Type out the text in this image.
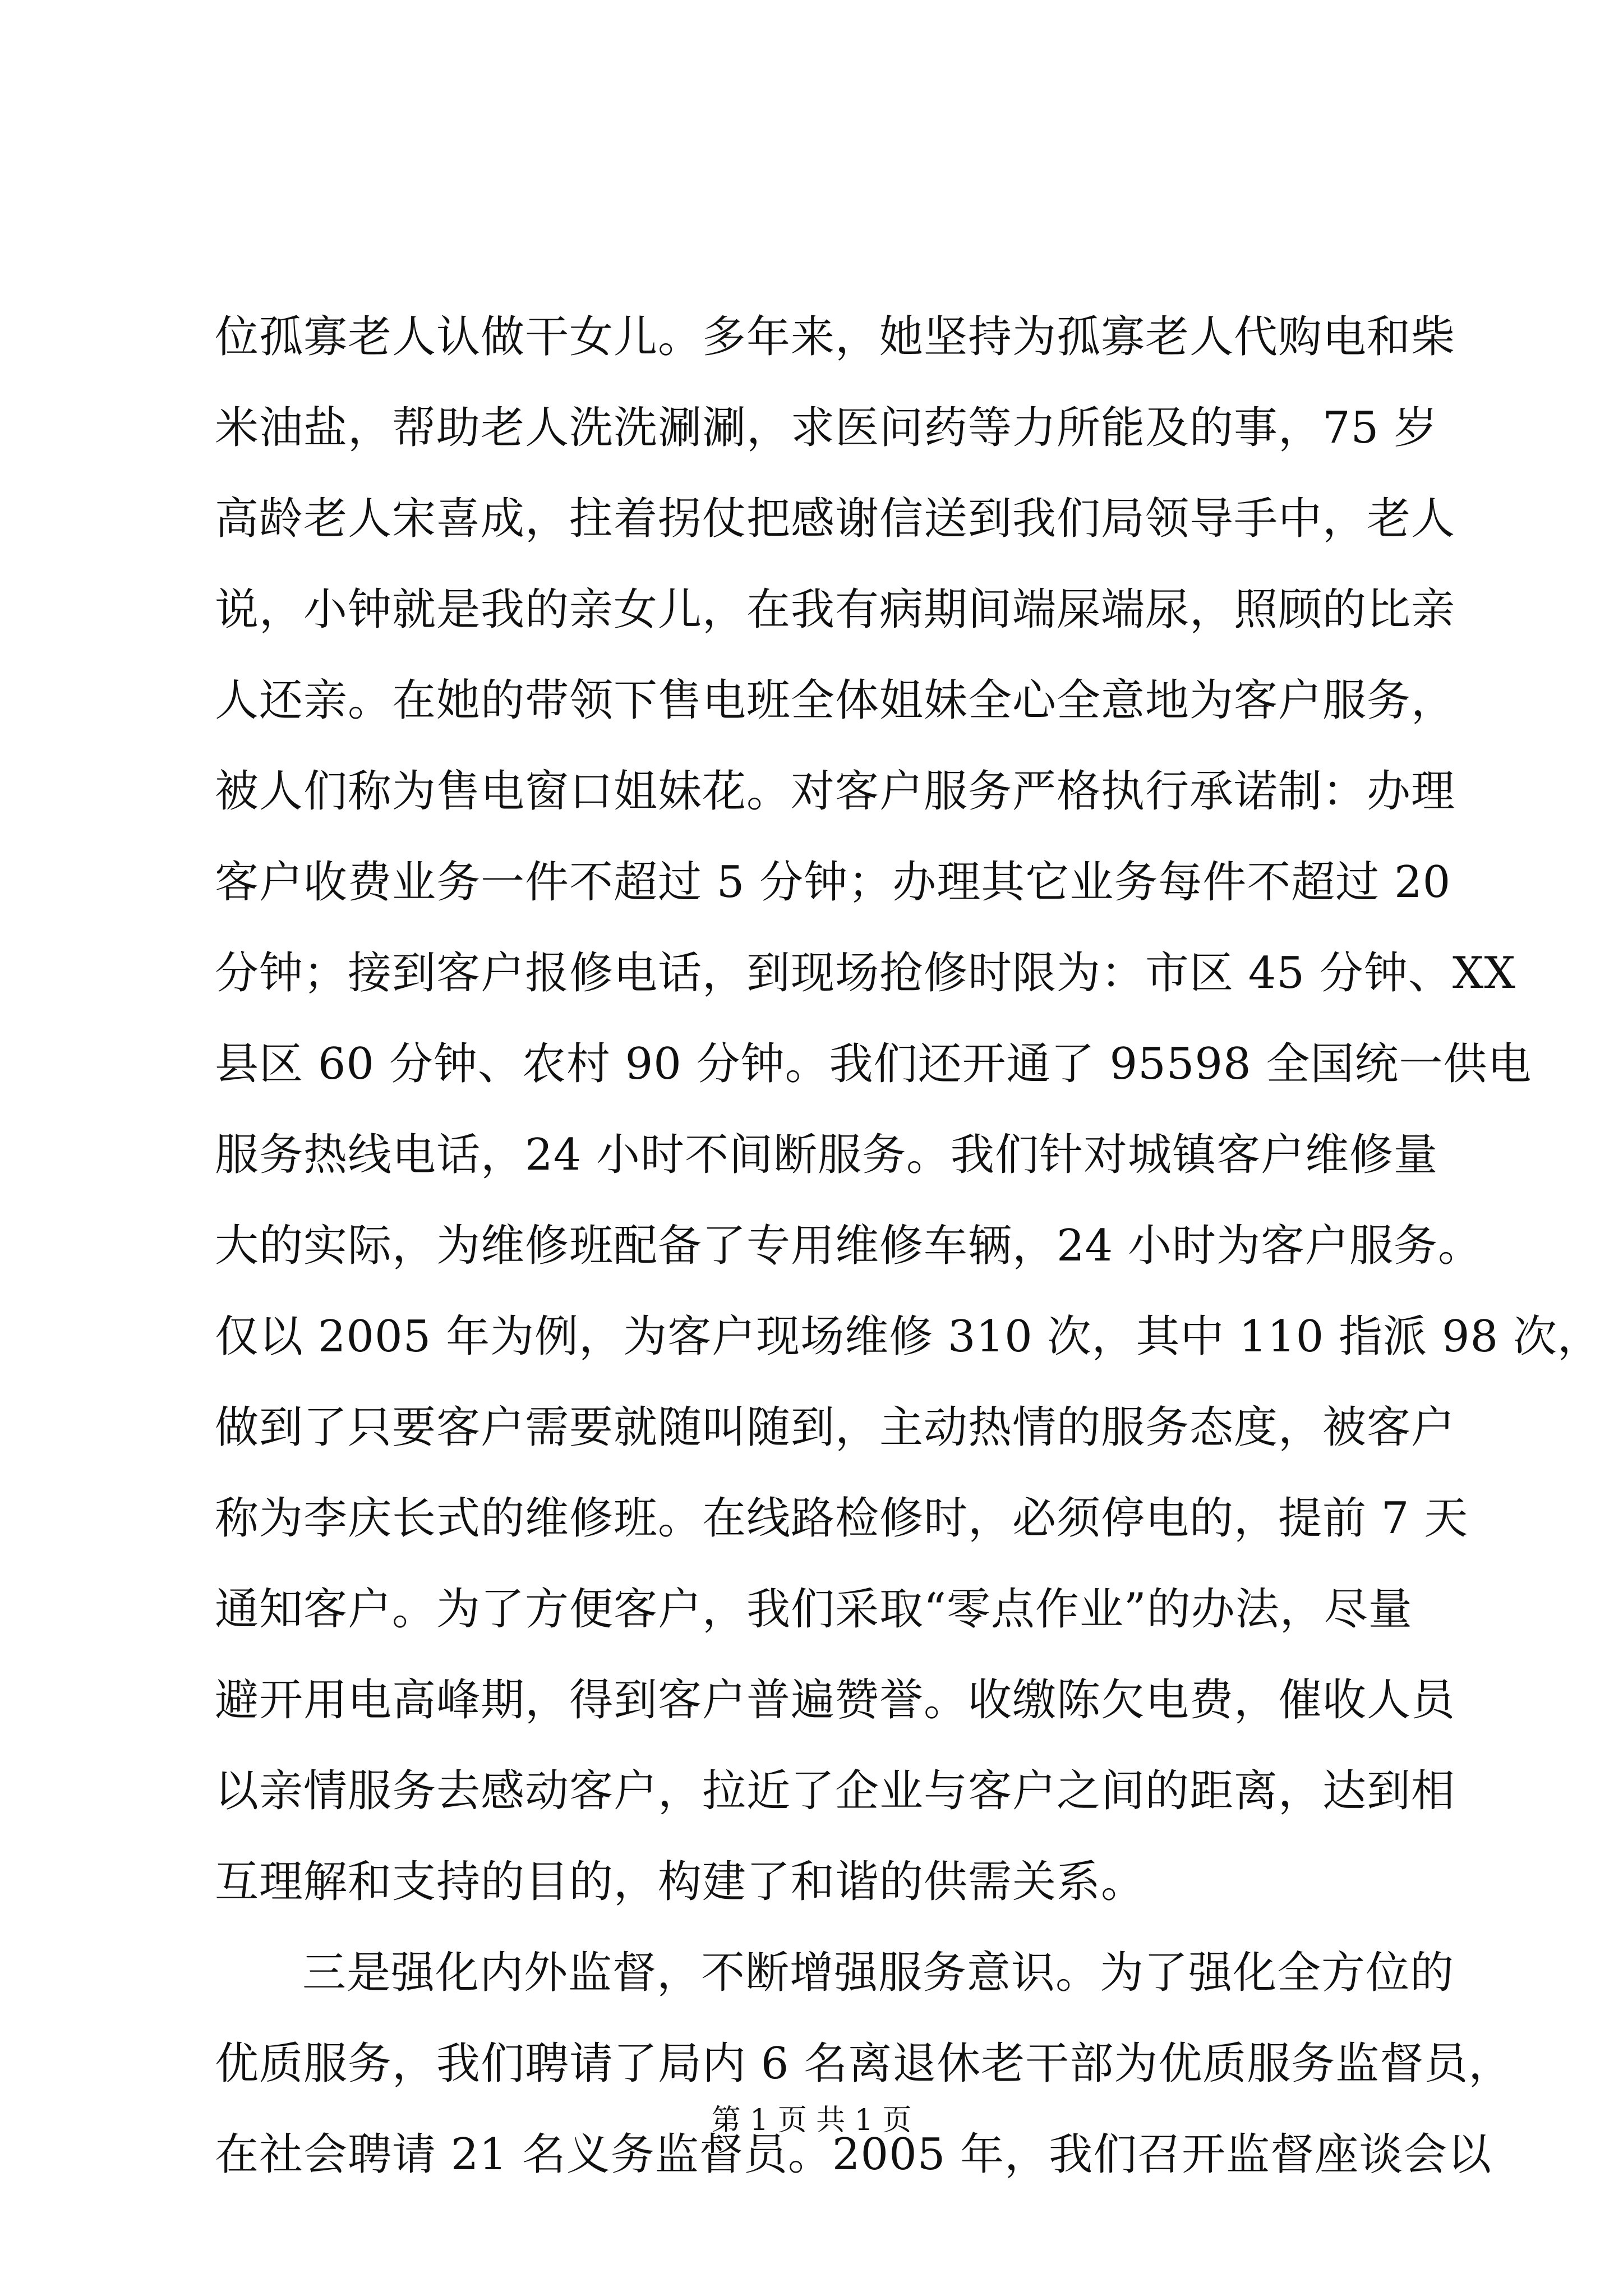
位孤寡老人认做干女儿。多年来，她坚持为孤寡老人代购电和柴
米油盐，帮助老人洗洗涮涮，求医问药等力所能及的事，75 岁
高龄老人宋喜成，拄着拐仗把感谢信送到我们局领导手中，老人
说，小钟就是我的亲女儿，在我有病期间端屎端尿，照顾的比亲
人还亲。在她的带领下售电班全体姐妹全心全意地为客户服务，
被人们称为售电窗口姐妹花。对客户服务严格执行承诺制：办理
客户收费业务一件不超过 5 分钟；办理其它业务每件不超过 20
分钟；接到客户报修电话，到现场抢修时限为：市区 45 分钟、XX
县区 60 分钟、农村 90 分钟。我们还开通了 95598 全国统一供电
服务热线电话，24 小时不间断服务。我们针对城镇客户维修量
大的实际，为维修班配备了专用维修车辆，24 小时为客户服务。
仅以 2005 年为例，为客户现场维修 310 次，其中 110 指派 98 次，
做到了只要客户需要就随叫随到，主动热情的服务态度，被客户
称为李庆长式的维修班。在线路检修时，必须停电的，提前 7 天
通知客户。为了方便客户，我们采取“零点作业”的办法，尽量
避开用电高峰期，得到客户普遍赞誉。收缴陈欠电费，催收人员
以亲情服务去感动客户，拉近了企业与客户之间的距离，达到相
互理解和支持的目的，构建了和谐的供需关系。
三是强化内外监督，不断增强服务意识。为了强化全方位的
优质服务，我们聘请了局内 6 名离退休老干部为优质服务监督员，
在社会聘请 21 名义务监督员。2005 年，我们召开监督座谈会以
第 1 页 共 1 页
